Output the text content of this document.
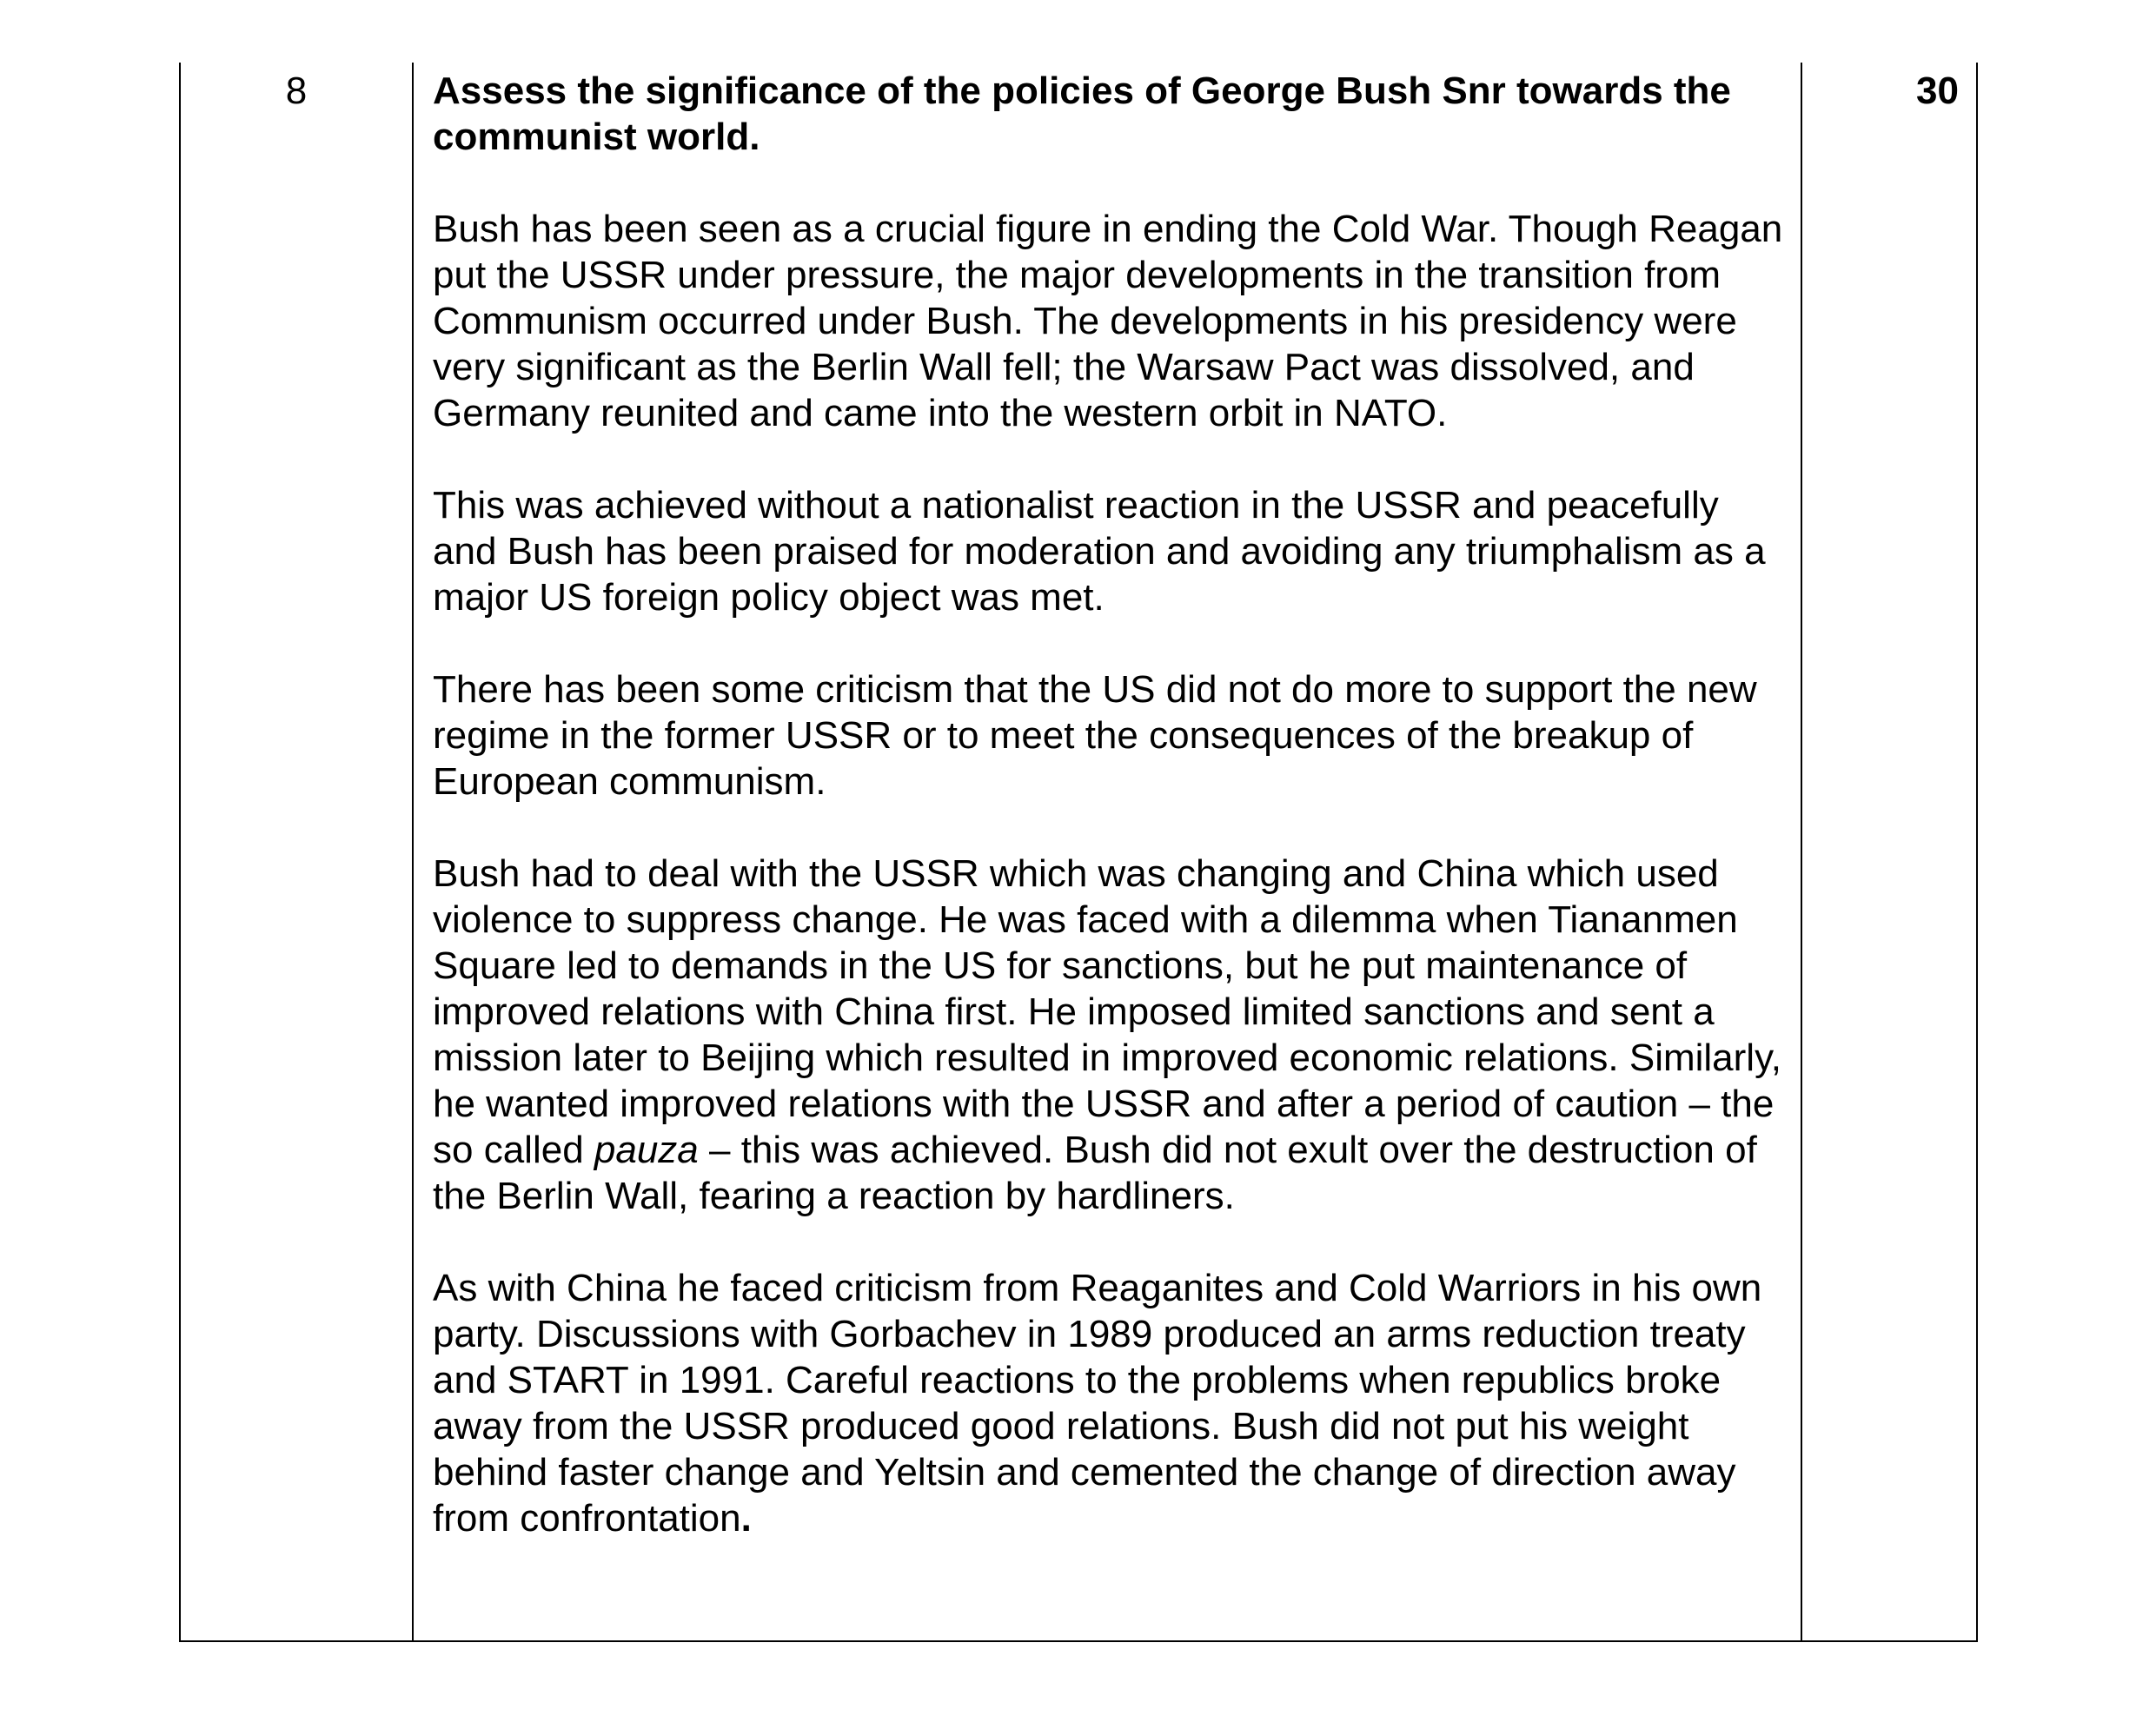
8	Assess the significance of the policies of George Bush Snr towards the communist world.

Bush has been seen as a crucial figure in ending the Cold War. Though Reagan put the USSR under pressure, the major developments in the transition from Communism occurred under Bush. The developments in his presidency were very significant as the Berlin Wall fell; the Warsaw Pact was dissolved, and Germany reunited and came into the western orbit in NATO.

This was achieved without a nationalist reaction in the USSR and peacefully and Bush has been praised for moderation and avoiding any triumphalism as a major US foreign policy object was met.

There has been some criticism that the US did not do more to support the new regime in the former USSR or to meet the consequences of the breakup of European communism.

Bush had to deal with the USSR which was changing and China which used violence to suppress change. He was faced with a dilemma when Tiananmen Square led to demands in the US for sanctions, but he put maintenance of improved relations with China first. He imposed limited sanctions and sent a mission later to Beijing which resulted in improved economic relations. Similarly, he wanted improved relations with the USSR and after a period of caution – the so called pauza – this was achieved. Bush did not exult over the destruction of the Berlin Wall, fearing a reaction by hardliners.

As with China he faced criticism from Reaganites and Cold Warriors in his own party. Discussions with Gorbachev in 1989 produced an arms reduction treaty and START in 1991. Careful reactions to the problems when republics broke away from the USSR produced good relations. Bush did not put his weight behind faster change and Yeltsin and cemented the change of direction away from confrontation.

30
